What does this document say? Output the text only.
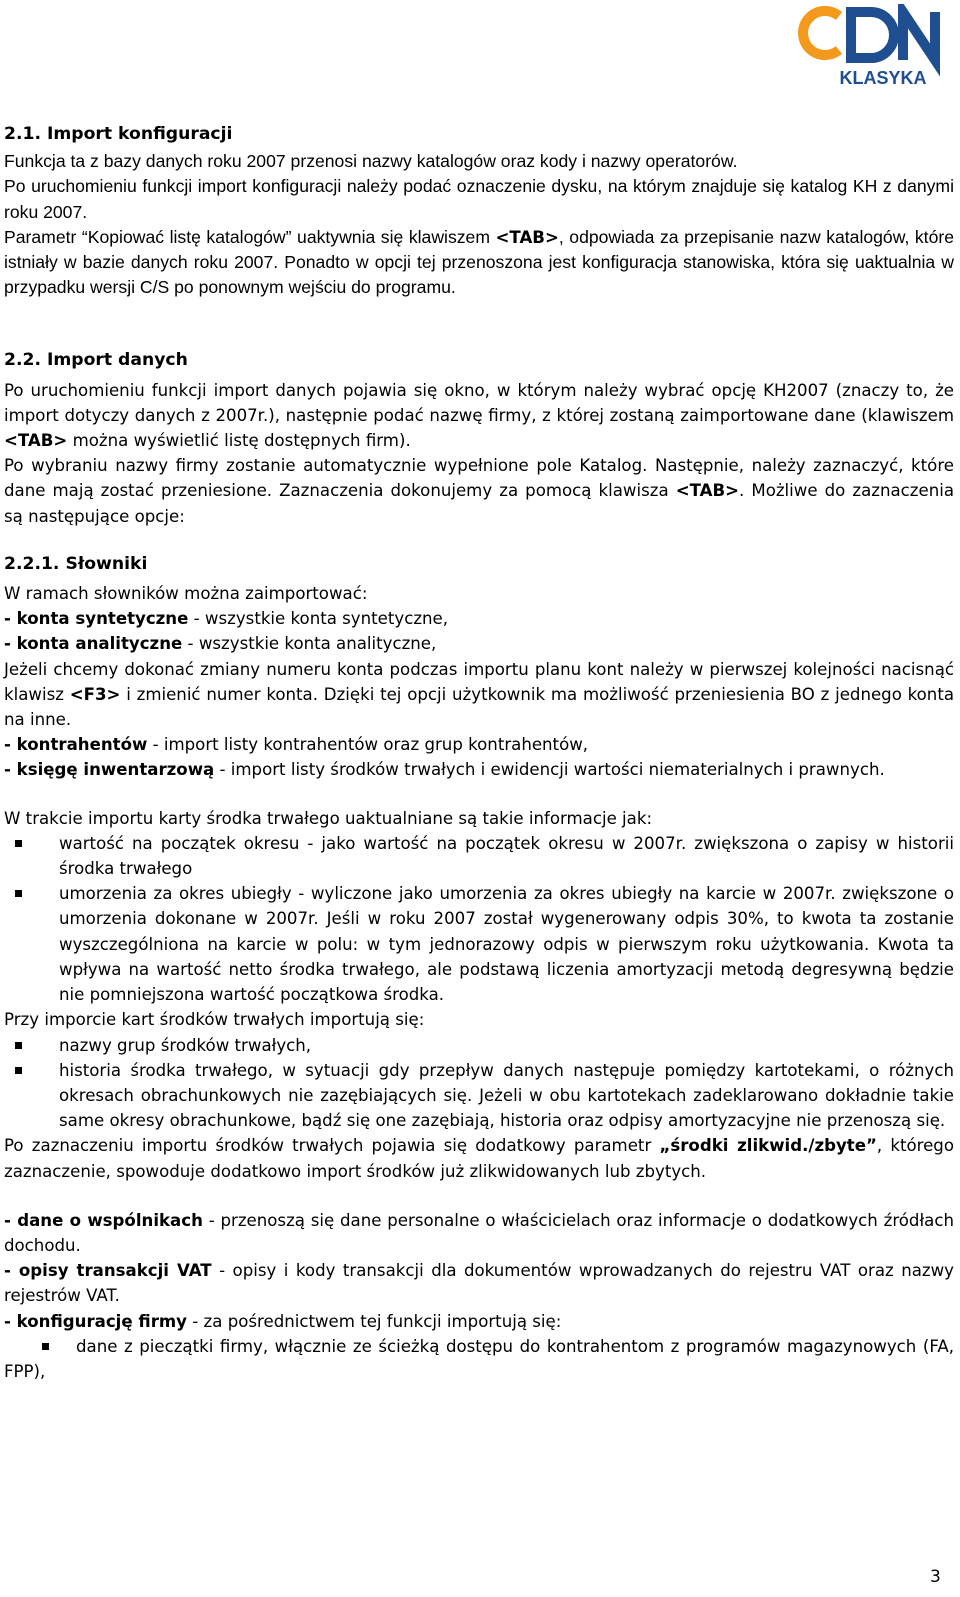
KLASYKA

2.1. Import konfiguracji

Funkcja ta z bazy danych roku 2007 przenosi nazwy katalogów oraz kody i nazwy operatorów.

Po uruchomieniu funkcji import konfiguracji należy podać oznaczenie dysku, na którym znajduje się katalog KH z danymi roku 2007.

Parametr “Kopiować listę katalogów” uaktywnia się klawiszem <TAB>, odpowiada za przepisanie nazw katalogów, które istniały w bazie danych roku 2007. Ponadto w opcji tej przenoszona jest konfiguracja stanowiska, która się uaktualnia w przypadku wersji C/S po ponownym wejściu do programu.

2.2. Import danych

Po uruchomieniu funkcji import danych pojawia się okno, w którym należy wybrać opcję KH2007 (znaczy to, że import dotyczy danych z 2007r.), następnie podać nazwę firmy, z której zostaną zaimportowane dane (klawiszem <TAB> można wyświetlić listę dostępnych firm).

Po wybraniu nazwy firmy zostanie automatycznie wypełnione pole Katalog. Następnie, należy zaznaczyć, które dane mają zostać przeniesione. Zaznaczenia dokonujemy za pomocą klawisza <TAB>. Możliwe do zaznaczenia są następujące opcje:

2.2.1. Słowniki

W ramach słowników można zaimportować:

- konta syntetyczne - wszystkie konta syntetyczne,

- konta analityczne - wszystkie konta analityczne,

Jeżeli chcemy dokonać zmiany numeru konta podczas importu planu kont należy w pierwszej kolejności nacisnąć klawisz <F3> i zmienić numer konta. Dzięki tej opcji użytkownik ma możliwość przeniesienia BO z jednego konta na inne.

- kontrahentów - import listy kontrahentów oraz grup kontrahentów,

- księgę inwentarzową - import listy środków trwałych i ewidencji wartości niematerialnych i prawnych.

W trakcie importu karty środka trwałego uaktualniane są takie informacje jak:

wartość na początek okresu - jako wartość na początek okresu w 2007r. zwiększona o zapisy w historii środka trwałego
umorzenia za okres ubiegły - wyliczone jako umorzenia za okres ubiegły na karcie w 2007r. zwiększone o umorzenia dokonane w 2007r. Jeśli w roku 2007 został wygenerowany odpis 30%, to kwota ta zostanie wyszczególniona na karcie w polu: w tym jednorazowy odpis w pierwszym roku użytkowania. Kwota ta wpływa na wartość netto środka trwałego, ale podstawą liczenia amortyzacji metodą degresywną będzie nie pomniejszona wartość początkowa środka.

Przy imporcie kart środków trwałych importują się:

nazwy grup środków trwałych,
historia środka trwałego, w sytuacji gdy przepływ danych następuje pomiędzy kartotekami, o różnych okresach obrachunkowych nie zazębiających się. Jeżeli w obu kartotekach zadeklarowano dokładnie takie same okresy obrachunkowe, bądź się one zazębiają, historia oraz odpisy amortyzacyjne nie przenoszą się.

Po zaznaczeniu importu środków trwałych pojawia się dodatkowy parametr „środki zlikwid./zbyte”, którego zaznaczenie, spowoduje dodatkowo import środków już zlikwidowanych lub zbytych.

- dane o wspólnikach - przenoszą się dane personalne o właścicielach oraz informacje o dodatkowych źródłach dochodu.

- opisy transakcji VAT - opisy i kody transakcji dla dokumentów wprowadzanych do rejestru VAT oraz nazwy rejestrów VAT.

- konfigurację firmy - za pośrednictwem tej funkcji importują się:

dane z pieczątki firmy, włącznie ze ścieżką dostępu do kontrahentom z programów magazynowych (FA, FPP),
3
